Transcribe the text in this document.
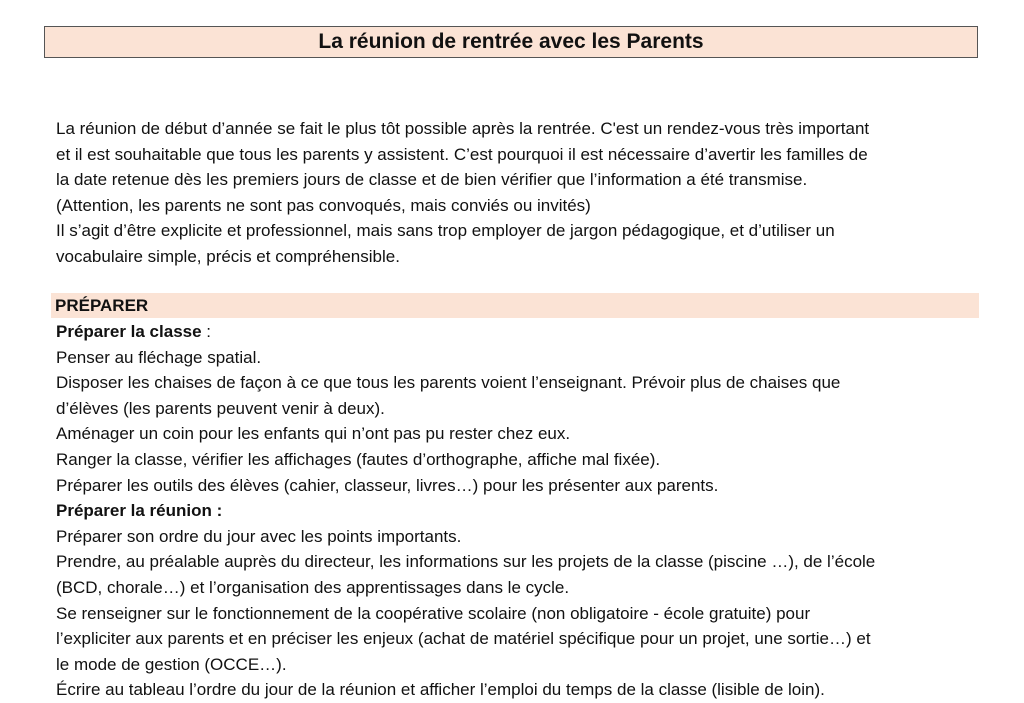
La réunion de rentrée avec les Parents

La réunion de début d’année se fait le plus tôt possible après la rentrée. C'est un rendez-vous très important

et il est souhaitable que tous les parents y assistent. C’est pourquoi il est nécessaire d’avertir les familles de

la date retenue dès les premiers jours de classe et de bien vérifier que l’information a été transmise.

(Attention, les parents ne sont pas convoqués, mais conviés ou invités)

Il s’agit d’être explicite et professionnel, mais sans trop employer de jargon pédagogique, et d’utiliser un

vocabulaire simple, précis et compréhensible.

PRÉPARER

Préparer la classe :

Penser au fléchage spatial.

Disposer les chaises de façon à ce que tous les parents voient l’enseignant. Prévoir plus de chaises que

d’élèves (les parents peuvent venir à deux).

Aménager un coin pour les enfants qui n’ont pas pu rester chez eux.

Ranger la classe, vérifier les affichages (fautes d’orthographe, affiche mal fixée).

Préparer les outils des élèves (cahier, classeur, livres…) pour les présenter aux parents.

Préparer la réunion :

Préparer son ordre du jour avec les points importants.

Prendre, au préalable auprès du directeur, les informations sur les projets de la classe (piscine …), de l’école

(BCD, chorale…) et l’organisation des apprentissages dans le cycle.

Se renseigner sur le fonctionnement de la coopérative scolaire (non obligatoire - école gratuite) pour

l’expliciter aux parents et en préciser les enjeux (achat de matériel spécifique pour un projet, une sortie…) et

le mode de gestion (OCCE…).

Écrire au tableau l’ordre du jour de la réunion et afficher l’emploi du temps de la classe (lisible de loin).
